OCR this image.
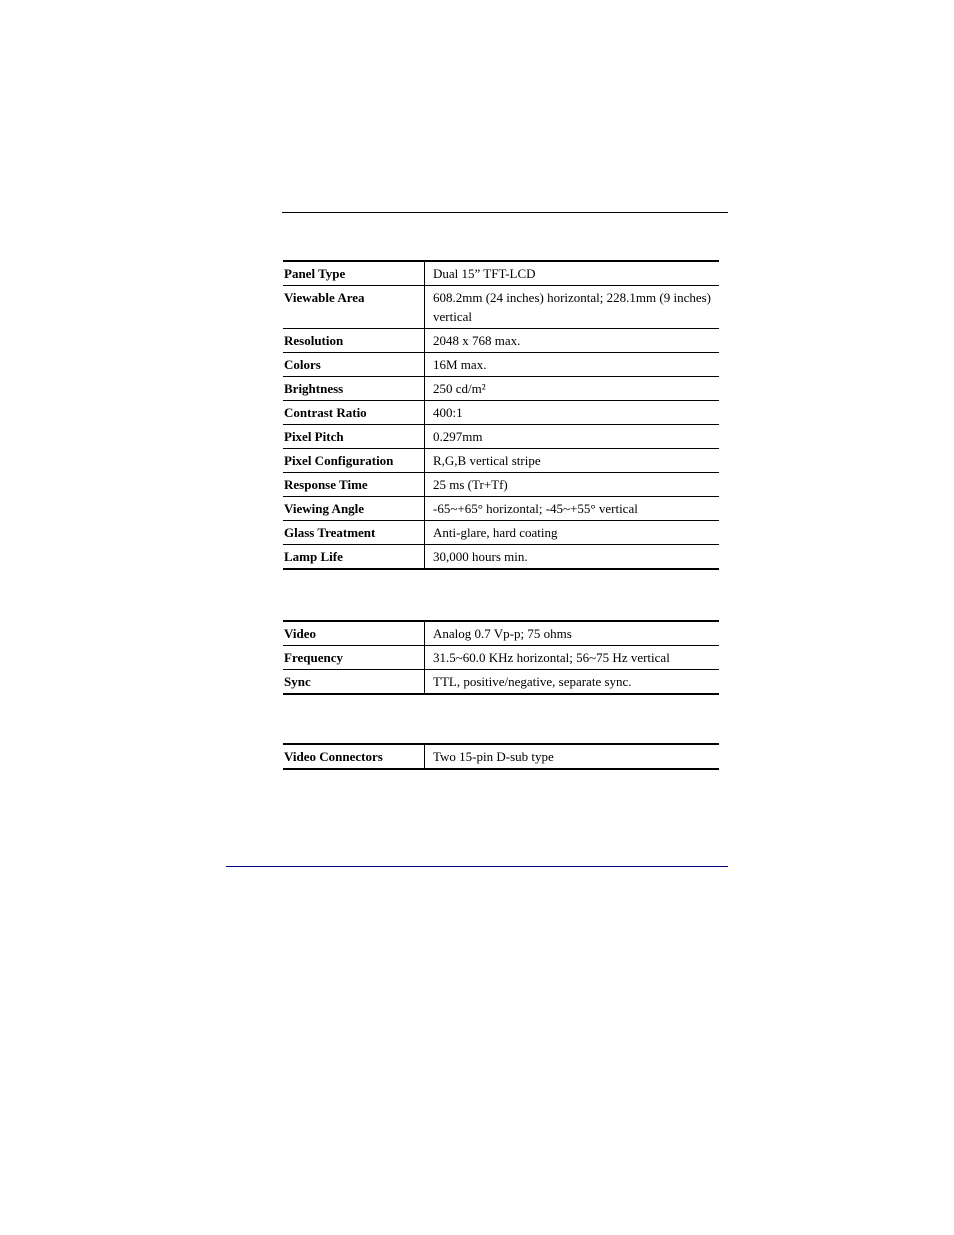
Panel Type	Dual 15” TFT-LCD
Viewable Area	608.2mm (24 inches) horizontal; 228.1mm (9 inches) vertical
Resolution	2048 x 768 max.
Colors	16M max.
Brightness	250 cd/m²
Contrast Ratio	400:1
Pixel Pitch	0.297mm
Pixel Configuration	R,G,B vertical stripe
Response Time	25 ms (Tr+Tf)
Viewing Angle	-65~+65° horizontal; -45~+55° vertical
Glass Treatment	Anti-glare, hard coating
Lamp Life	30,000 hours min.
Video	Analog 0.7 Vp-p; 75 ohms
Frequency	31.5~60.0 KHz horizontal; 56~75 Hz vertical
Sync	TTL, positive/negative, separate sync.
Video Connectors	Two 15-pin D-sub type
